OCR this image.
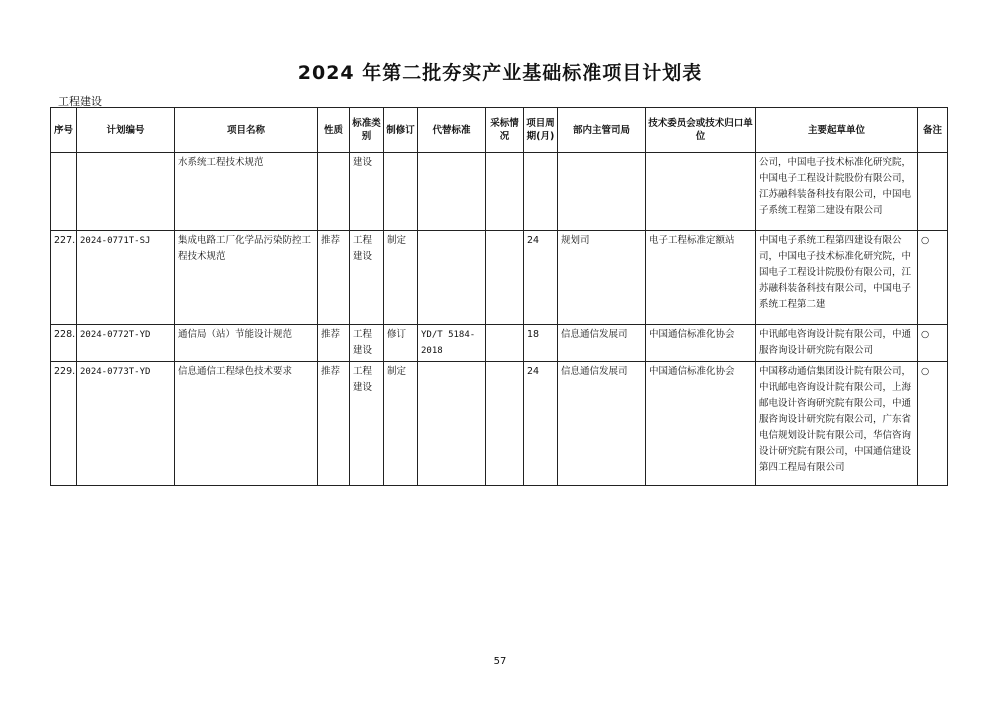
2024 年第二批夯实产业基础标准项目计划表
工程建设
序号	计划编号	项目名称	性质	标准类别	制修订	代替标准	采标情况	项目周期(月)	部内主管司局	技术委员会或技术归口单位	主要起草单位	备注
		水系统工程技术规范		建设							公司，中国电子技术标准化研究院，中国电子工程设计院股份有限公司，江苏融科装备科技有限公司，中国电子系统工程第二建设有限公司	
227.	2024-0771T-SJ	集成电路工厂化学品污染防控工程技术规范	推荐	工程建设	制定			24	规划司	电子工程标准定额站	中国电子系统工程第四建设有限公司，中国电子技术标准化研究院，中国电子工程设计院股份有限公司，江苏融科装备科技有限公司，中国电子系统工程第二建	○
228.	2024-0772T-YD	通信局（站）节能设计规范	推荐	工程建设	修订	YD/T 5184-2018		18	信息通信发展司	中国通信标准化协会	中讯邮电咨询设计院有限公司，中通服咨询设计研究院有限公司	○
229.	2024-0773T-YD	信息通信工程绿色技术要求	推荐	工程建设	制定			24	信息通信发展司	中国通信标准化协会	中国移动通信集团设计院有限公司，中讯邮电咨询设计院有限公司，上海邮电设计咨询研究院有限公司，中通服咨询设计研究院有限公司，广东省电信规划设计院有限公司，华信咨询设计研究院有限公司，中国通信建设第四工程局有限公司	○
57
